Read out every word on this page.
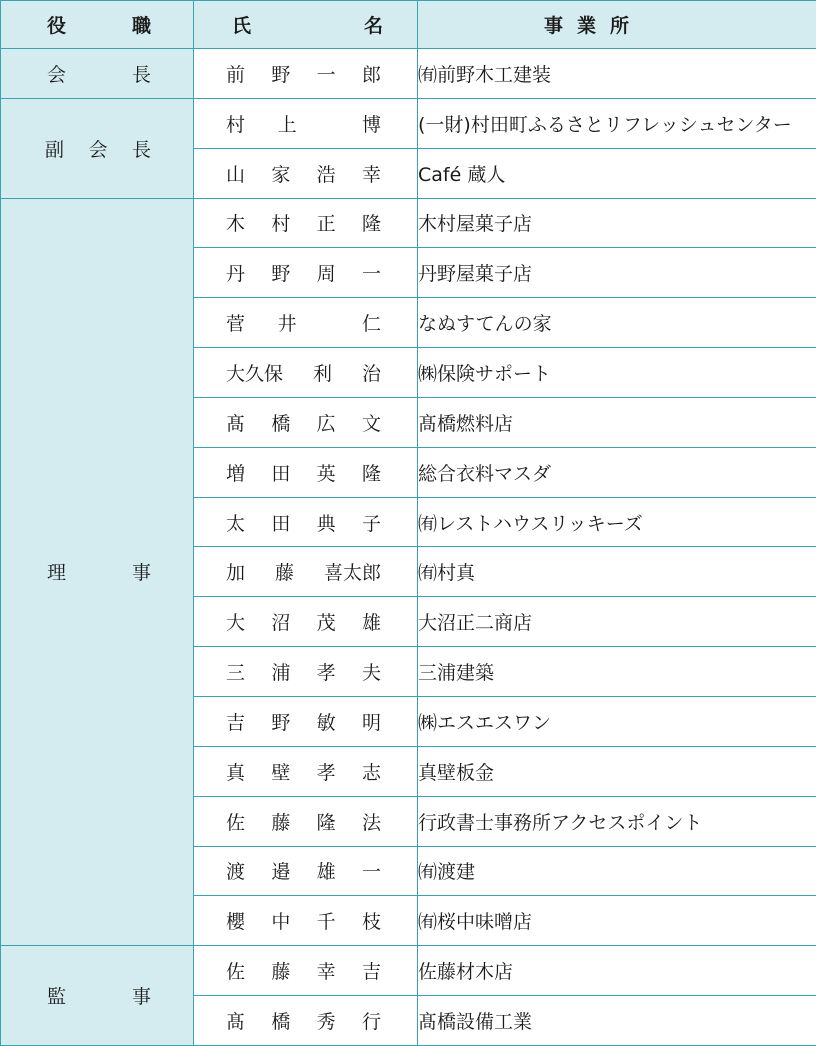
役 職	氏 名	事 業 所

会 長	前 野 一 郎	㈲前野木工建装

副 会 長	村 上 博	(一財)村田町ふるさとリフレッシュセンター

	山 家 浩 幸	Café 蔵人

理 事	木 村 正 隆	木村屋菓子店

	丹 野 周 一	丹野屋菓子店

	菅 井 仁	なぬすてんの家

	大久保 利 治	㈱保険サポート

	髙 橋 広 文	髙橋燃料店

	増 田 英 隆	総合衣料マスダ

	太 田 典 子	㈲レストハウスリッキーズ

	加 藤 喜太郎	㈲村真

	大 沼 茂 雄	大沼正二商店

	三 浦 孝 夫	三浦建築

	吉 野 敏 明	㈱エスエスワン

	真 壁 孝 志	真壁板金

	佐 藤 隆 法	行政書士事務所アクセスポイント

	渡 邉 雄 一	㈲渡建

	櫻 中 千 枝	㈲桜中味噌店

監 事	佐 藤 幸 吉	佐藤材木店

	髙 橋 秀 行	髙橋設備工業
